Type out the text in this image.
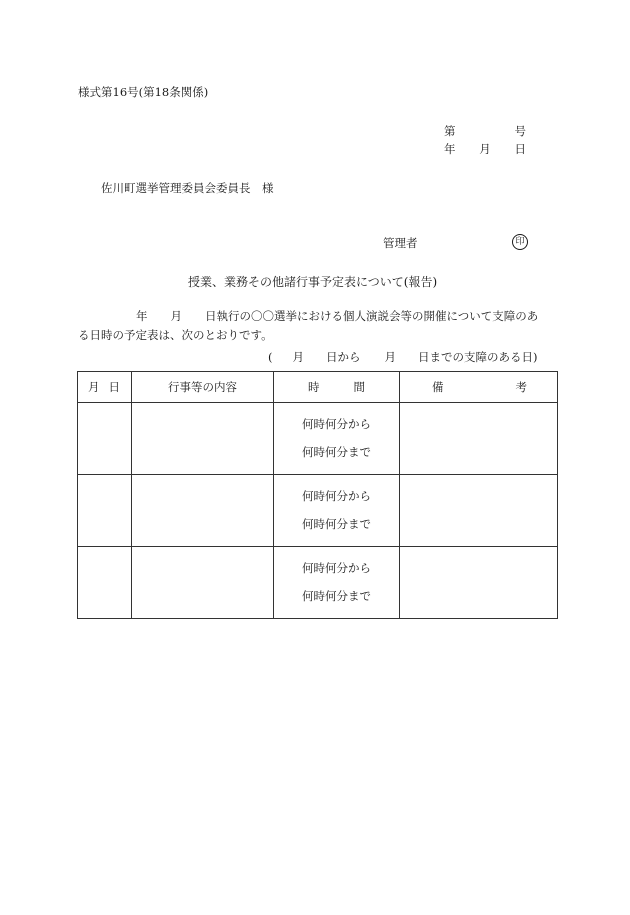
様式第16号(第18条関係)
第	号
年 月 日
佐川町選挙管理委員会委員長　様
管理者	印
授業、業務その他諸行事予定表について(報告)
年　　月　　日執行の〇〇選挙における個人演説会等の開催について支障のあ
る日時の予定表は、次のとおりです。
( 月 日から 月 日までの支障のある日)
月 日	行事等の内容	時 間	備 考

		何時何分から
何時何分まで	

		何時何分から
何時何分まで	

		何時何分から
何時何分まで	
